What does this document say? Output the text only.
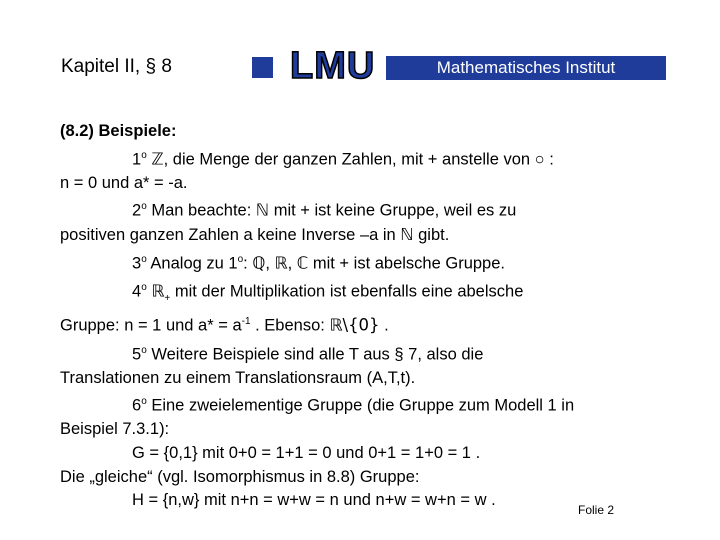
Kapitel II, § 8	LMU	Mathematisches Institut
(8.2) Beispiele:
1$^o$ ℤ, die Menge der ganzen Zahlen, mit + anstelle von ○ :
n = 0 und a* = -a.
2$^o$ Man beachte: ℕ mit + ist keine Gruppe, weil es zu
positiven ganzen Zahlen a keine Inverse –a in ℕ gibt.
3$^o$ Analog zu 1$^o$: ℚ, ℝ, ℂ mit + ist abelsche Gruppe.
4$^o$ ℝ$_+$ mit der Multiplikation ist ebenfalls eine abelsche
Gruppe: n = 1 und $a* = a^{-1}$ . Ebenso: ℝ\{0} .
5$^o$ Weitere Beispiele sind alle T aus § 7, also die
Translationen zu einem Translationsraum (A,T,t).
6$^o$ Eine zweielementige Gruppe (die Gruppe zum Modell 1 in
Beispiel 7.3.1):
G = {0,1} mit 0+0 = 1+1 = 0 und 0+1 = 1+0 = 1 .
Die „gleiche“ (vgl. Isomorphismus in 8.8) Gruppe:
H = {n,w} mit n+n = w+w = n und n+w = w+n = w .
Folie 2
